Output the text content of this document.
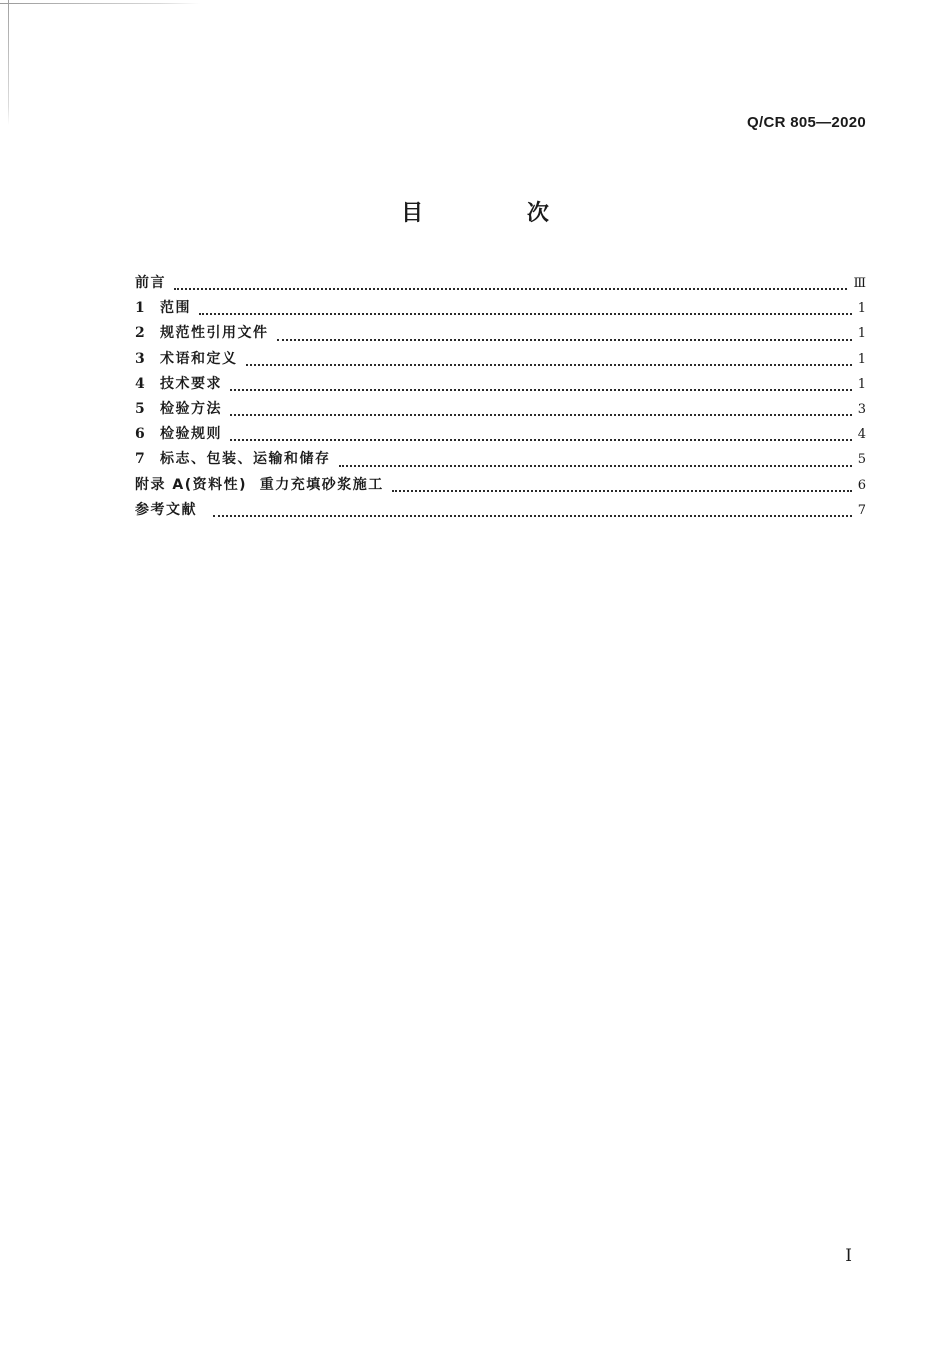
Q/CR 805—2020
目 次
前言	Ⅲ
1	范围	1
2	规范性引用文件	1
3	术语和定义	1
4	技术要求	1
5	检验方法	3
6	检验规则	4
7	标志、包装、运输和储存	5
附录 A(资料性)  重力充填砂浆施工	6
参考文献	7
I
